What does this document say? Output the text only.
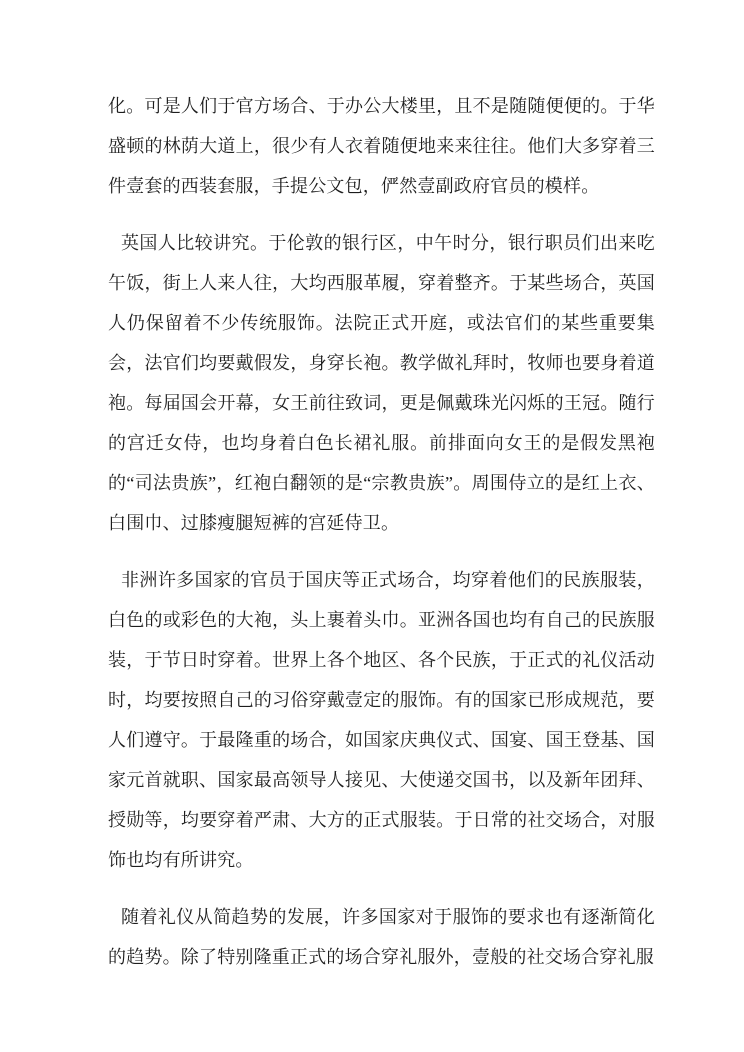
化。可是人们于官方场合、于办公大楼里，且不是随随便便的。于华盛顿的林荫大道上，很少有人衣着随便地来来往往。他们大多穿着三件壹套的西装套服，手提公文包，俨然壹副政府官员的模样。

英国人比较讲究。于伦敦的银行区，中午时分，银行职员们出来吃午饭，街上人来人往，大均西服革履，穿着整齐。于某些场合，英国人仍保留着不少传统服饰。法院正式开庭，或法官们的某些重要集会，法官们均要戴假发，身穿长袍。教学做礼拜时，牧师也要身着道袍。每届国会开幕，女王前往致词，更是佩戴珠光闪烁的王冠。随行的宫迁女侍，也均身着白色长裙礼服。前排面向女王的是假发黑袍的“司法贵族”，红袍白翻领的是“宗教贵族”。周围侍立的是红上衣、白围巾、过膝瘦腿短裤的宫延侍卫。

非洲许多国家的官员于国庆等正式场合，均穿着他们的民族服装，白色的或彩色的大袍，头上裹着头巾。亚洲各国也均有自己的民族服装，于节日时穿着。世界上各个地区、各个民族，于正式的礼仪活动时，均要按照自己的习俗穿戴壹定的服饰。有的国家已形成规范，要人们遵守。于最隆重的场合，如国家庆典仪式、国宴、国王登基、国家元首就职、国家最高领导人接见、大使递交国书，以及新年团拜、授勋等，均要穿着严肃、大方的正式服装。于日常的社交场合，对服饰也均有所讲究。

随着礼仪从简趋势的发展，许多国家对于服饰的要求也有逐渐简化的趋势。除了特别隆重正式的场合穿礼服外，壹般的社交场合穿礼服
